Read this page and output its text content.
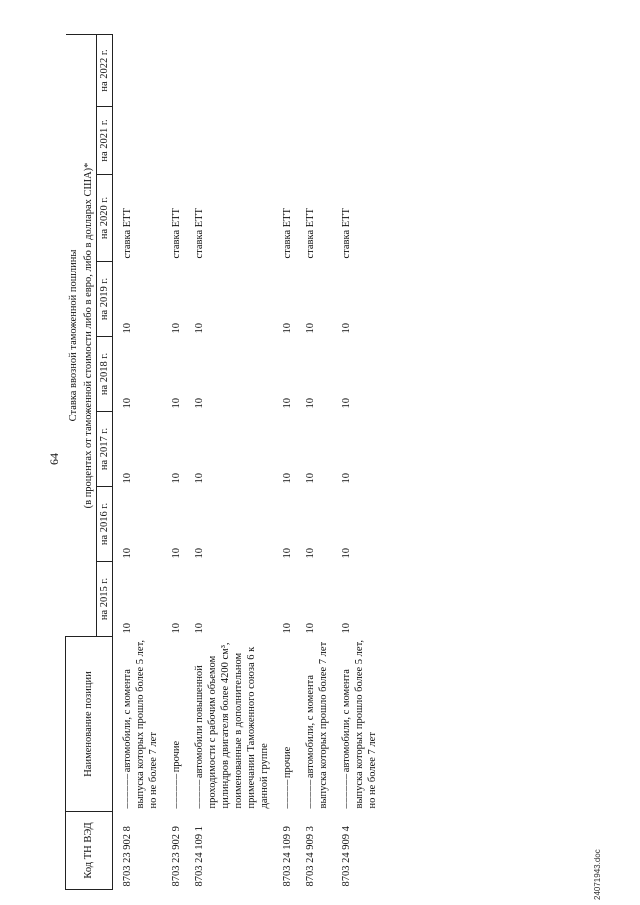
64
Код ТН ВЭД	Наименование позиции	Ставка ввозной таможенной пошлины							
		(в процентах от таможенной стоимости либо в евро, либо в долларах США)*							
		на 2015 г.	на 2016 г.	на 2017 г.	на 2018 г.	на 2019 г.	на 2020 г.	на 2021 г.	на 2022 г.
8703 23 902 8	– – – – – – автомобили, с момента выпуска которых прошло более 5 лет, но не более 7 лет	10	10	10	10	10	ставка ЕТТ		
8703 23 902 9	– – – – – – прочие	10	10	10	10	10	ставка ЕТТ		
8703 24 109 1	– – – – – автомобили повышенной проходимости с рабочим объемом цилиндров двигателя более 4200 см³, поименованные в дополнительном примечании Таможенного союза 6 к данной группе	10	10	10	10	10	ставка ЕТТ		
8703 24 109 9	– – – – – прочие	10	10	10	10	10	ставка ЕТТ		
8703 24 909 3	– – – – – автомобили, с момента выпуска которых прошло более 7 лет	10	10	10	10	10	ставка ЕТТ		
8703 24 909 4	– – – – – – автомобили, с момента выпуска которых прошло более 5 лет, но не более 7 лет	10	10	10	10	10	ставка ЕТТ		
24071943.doc
